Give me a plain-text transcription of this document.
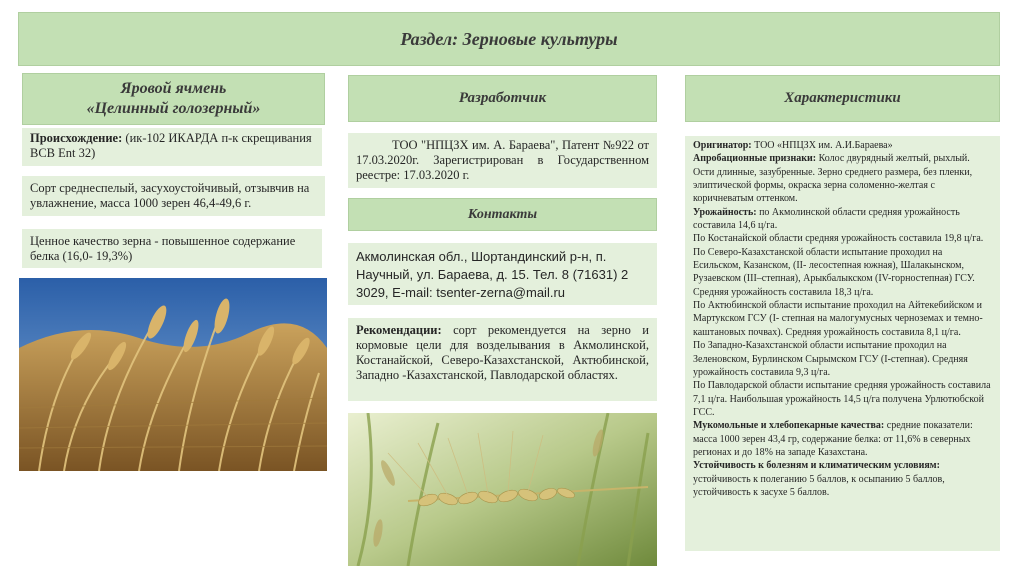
Раздел: Зерновые культуры
Яровой ячмень
«Целинный голозерный»
Происхождение: (ик-102 ИКАРДА п-к скрещивания BCB Ent 32)
Сорт среднеспелый, засухоустойчивый, отзывчив на увлажнение, масса 1000 зерен 46,4-49,6 г.
Ценное качество зерна - повышенное содержание белка (16,0- 19,3%)
Разработчик
ТОО "НПЦЗХ им. А. Бараева", Патент №922 от 17.03.2020г. Зарегистрирован в Государственном реестре: 17.03.2020 г.
Контакты
Акмолинская обл., Шортандинский р-н, п. Научный, ул. Бараева, д. 15. Тел. 8 (71631) 2 3029, E-mail: tsenter-zerna@mail.ru
Рекомендации: сорт рекомендуется на зерно и кормовые цели для возделывания в Акмолинской, Костанайской, Северо-Казахстанской, Актюбинской, Западно -Казахстанской, Павлодарской областях.
Характеристики
Оригинатор: ТОО «НПЦЗХ им. А.И.Бараева»
Апробационные признаки: Колос двурядный желтый, рыхлый. Ости длинные, зазубренные. Зерно среднего размера, без пленки, элиптической формы, окраска зерна соломенно-желтая с коричневатым оттенком.
Урожайность: по Акмолинской области средняя урожайность составила 14,6 ц/га.
По Костанайской области средняя урожайность составила 19,8 ц/га.
По Северо-Казахстанской области испытание проходил на Есильском, Казанском, (II- лесостепная южная), Шалакынском, Рузаевском (III–степная), Арыкбалыкском (IV-горностепная) ГСУ. Средняя урожайность составила 18,3 ц/га.
По Актюбинской области испытание проходил на Айтекебийском и Мартукском ГСУ (I- степная на малогумусных черноземах и темно-каштановых почвах). Средняя урожайность составила 8,1 ц/га.
По Западно-Казахстанской области испытание проходил на Зеленовском, Бурлинском Сырымском ГСУ (I-степная). Средняя урожайность составила 9,3 ц/га.
По Павлодарской области испытание средняя урожайность составила 7,1 ц/га. Наибольшая урожайность 14,5 ц/га получена Урлютюбской ГСС.
Мукомольные и хлебопекарные качества: средние показатели: масса 1000 зерен 43,4 гр, содержание белка: от 11,6% в северных регионах и до 18% на западе Казахстана.
Устойчивость к болезням и климатическим условиям: устойчивость к полеганию 5 баллов, к осыпанию 5 баллов, устойчивость к засухе 5 баллов.
